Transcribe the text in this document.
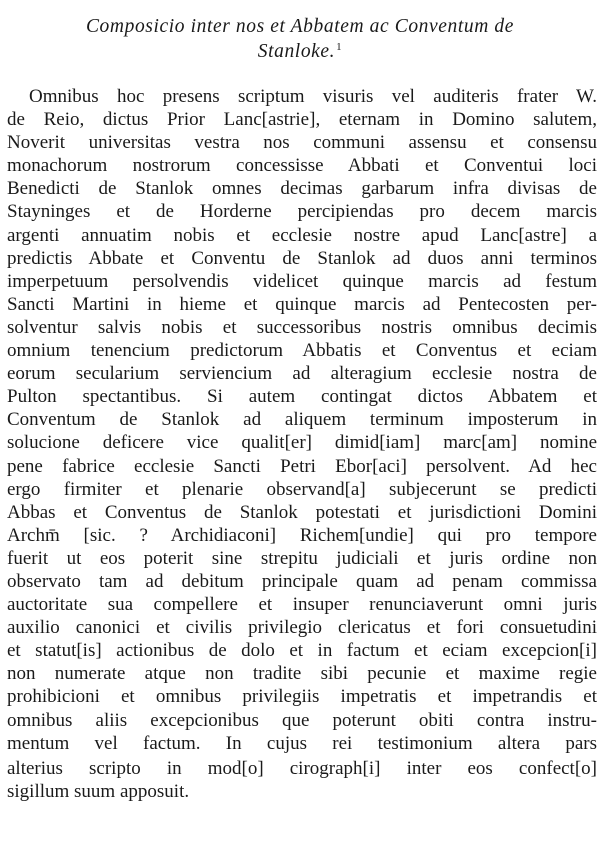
Composicio inter nos et Abbatem ac Conventum de
Stanloke.$^1$
Omnibus hoc presens scriptum visuris vel auditeris frater W.
de Reio, dictus Prior Lanc[astrie], eternam in Domino salutem,
Noverit universitas vestra nos communi assensu et consensu
monachorum nostrorum concessisse Abbati et Conventui loci
Benedicti de Stanlok omnes decimas garbarum infra divisas de
Stayninges et de Horderne percipiendas pro decem marcis
argenti annuatim nobis et ecclesie nostre apud Lanc[astre] a
predictis Abbate et Conventu de Stanlok ad duos anni terminos
imperpetuum persolvendis videlicet quinque marcis ad festum
Sancti Martini in hieme et quinque marcis ad Pentecosten per-
solventur salvis nobis et successoribus nostris omnibus decimis
omnium tenencium predictorum Abbatis et Conventus et eciam
eorum secularium serviencium ad alteragium ecclesie nostra de
Pulton spectantibus. Si autem contingat dictos Abbatem et
Conventum de Stanlok ad aliquem terminum imposterum in
solucione deficere vice qualit[er] dimid[iam] marc[am] nomine
pene fabrice ecclesie Sancti Petri Ebor[aci] persolvent. Ad hec
ergo firmiter et plenarie observand[a] subjecerunt se predicti
Abbas et Conventus de Stanlok potestati et jurisdictioni Domini
Archm̄ [sic. ? Archidiaconi] Richem[undie] qui pro tempore
fuerit ut eos poterit sine strepitu judiciali et juris ordine non
observato tam ad debitum principale quam ad penam commissa
auctoritate sua compellere et insuper renunciaverunt omni juris
auxilio canonici et civilis privilegio clericatus et fori consuetudini
et statut[is] actionibus de dolo et in factum et eciam excepcion[i]
non numerate atque non tradite sibi pecunie et maxime regie
prohibicioni et omnibus privilegiis impetratis et impetrandis et
omnibus aliis excepcionibus que poterunt obiti contra instru-
mentum vel factum. In cujus rei testimonium altera pars
alterius scripto in mod[o] cirograph[i] inter eos confect[o]
sigillum suum apposuit.
